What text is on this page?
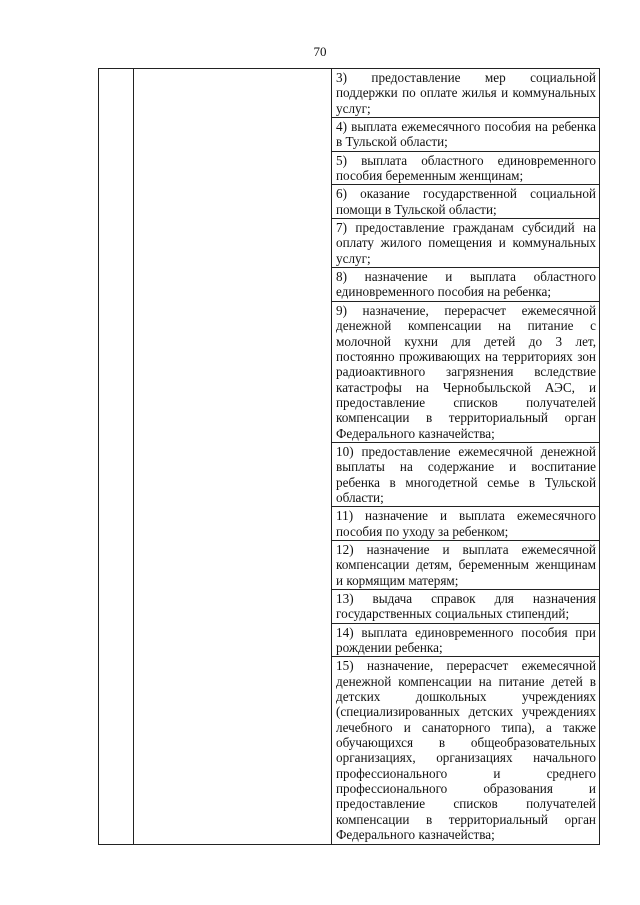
70

3) предоставление мер социальной поддержки по оплате жилья и коммунальных услуг;

4) выплата ежемесячного пособия на ребенка в Тульской области;

5) выплата областного единовременного пособия беременным женщинам;

6) оказание государственной социальной помощи в Тульской области;

7) предоставление гражданам субсидий на оплату жилого помещения и коммунальных услуг;

8) назначение и выплата областного единовременного пособия на ребенка;

9) назначение, перерасчет ежемесячной денежной компенсации на питание с молочной кухни для детей до 3 лет, постоянно проживающих на территориях зон радиоактивного загрязнения вследствие катастрофы на Чернобыльской АЭС, и предоставление списков получателей компенсации в территориальный орган Федерального казначейства;

10) предоставление ежемесячной денежной выплаты на содержание и воспитание ребенка в многодетной семье в Тульской области;

11) назначение и выплата ежемесячного пособия по уходу за ребенком;

12) назначение и выплата ежемесячной компенсации детям, беременным женщинам и кормящим матерям;

13) выдача справок для назначения государственных социальных стипендий;

14) выплата единовременного пособия при рождении ребенка;

15) назначение, перерасчет ежемесячной денежной компенсации на питание детей в детских дошкольных учреждениях (специализированных детских учреждениях лечебного и санаторного типа), а также обучающихся в общеобразовательных организациях, организациях начального профессионального и среднего профессионального образования и предоставление списков получателей компенсации в территориальный орган Федерального казначейства;
